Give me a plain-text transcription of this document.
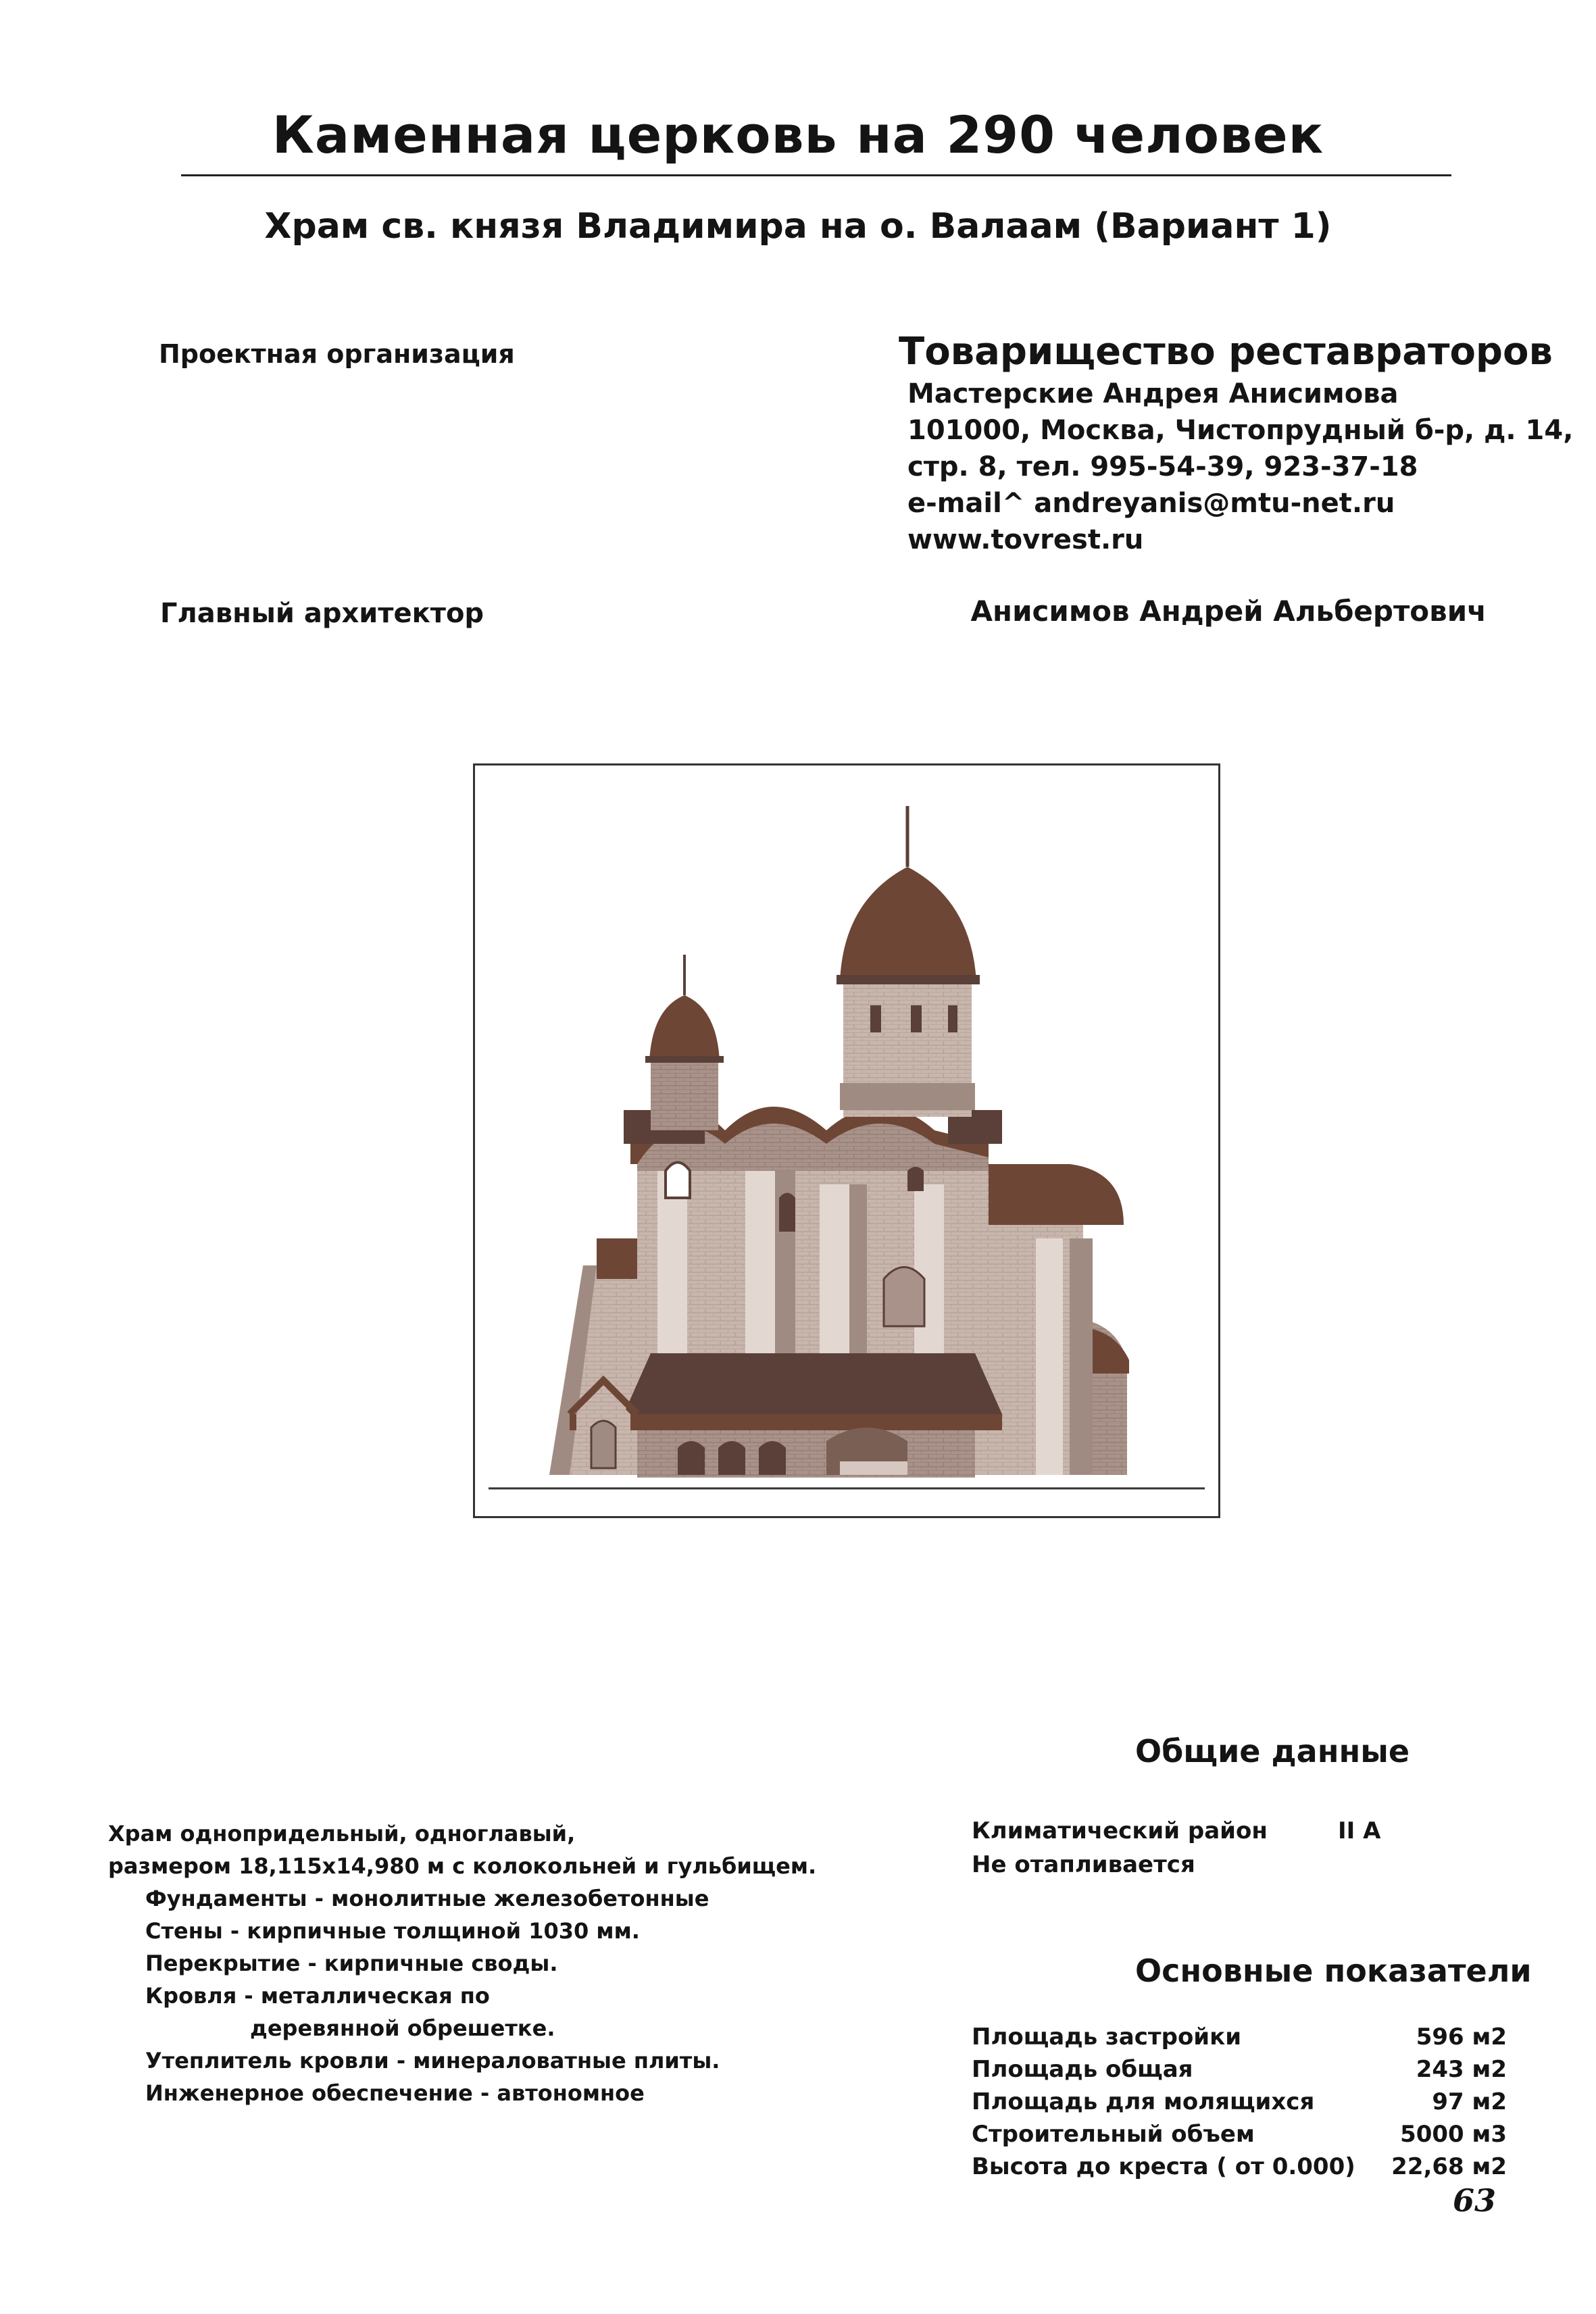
Каменная церковь на 290 человек
Храм св. князя Владимира на о. Валаам (Вариант 1)
Проектная организация	Товарищество реставраторов
Мастерские Андрея Анисимова
101000, Москва, Чистопрудный б-р, д. 14,
стр. 8, тел. 995-54-39, 923-37-18
e-mail^ andreyanis@mtu-net.ru
www.tovrest.ru
Главный архитектор	Анисимов Андрей Альбертович
Общие данные
Храм однопридельный, одноглавый,
размером 18,115х14,980 м с колокольней и гульбищем.
Фундаменты - монолитные железобетонные
Стены - кирпичные толщиной 1030 мм.
Перекрытие - кирпичные своды.
Кровля - металлическая по
деревянной обрешетке.
Утеплитель кровли - минераловатные плиты.
Инженерное обеспечение - автономное
Климатический район	II A
Не отапливается
Основные показатели
Площадь застройки	596 м2
Площадь общая	243 м2
Площадь для молящихся	97 м2
Строительный объем	5000 м3
Высота до креста ( от 0.000) 22,68 м2
63
